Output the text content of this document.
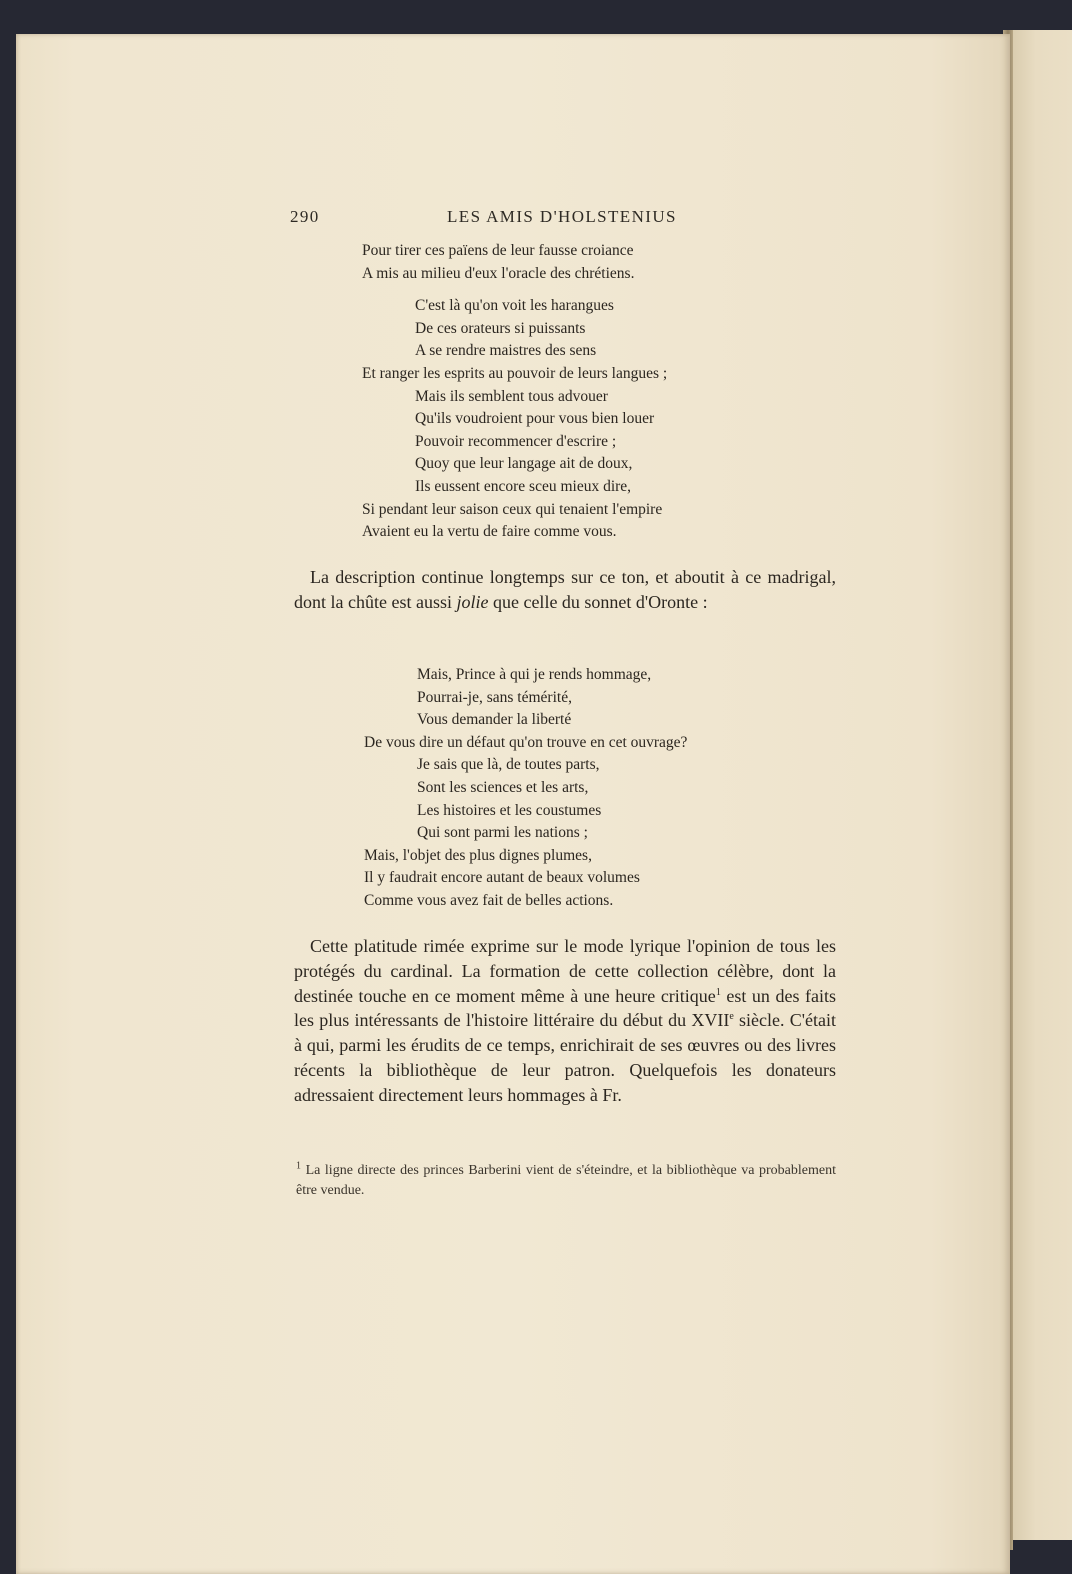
290	LES AMIS D'HOLSTENIUS
Pour tirer ces païens de leur fausse croiance
A mis au milieu d'eux l'oracle des chrétiens.
C'est là qu'on voit les harangues
De ces orateurs si puissants
A se rendre maistres des sens
Et ranger les esprits au pouvoir de leurs langues ;
Mais ils semblent tous advouer
Qu'ils voudroient pour vous bien louer
Pouvoir recommencer d'escrire ;
Quoy que leur langage ait de doux,
Ils eussent encore sceu mieux dire,
Si pendant leur saison ceux qui tenaient l'empire
Avaient eu la vertu de faire comme vous.

La description continue longtemps sur ce ton, et aboutit à ce madrigal, dont la chûte est aussi jolie que celle du sonnet d'Oronte :

Mais, Prince à qui je rends hommage,
Pourrai-je, sans témérité,
Vous demander la liberté
De vous dire un défaut qu'on trouve en cet ouvrage?
Je sais que là, de toutes parts,
Sont les sciences et les arts,
Les histoires et les coustumes
Qui sont parmi les nations ;
Mais, l'objet des plus dignes plumes,
Il y faudrait encore autant de beaux volumes
Comme vous avez fait de belles actions.

Cette platitude rimée exprime sur le mode lyrique l'opinion de tous les protégés du cardinal. La formation de cette collection célèbre, dont la destinée touche en ce moment même à une heure critique$^1$ est un des faits les plus intéressants de l'histoire littéraire du début du XVIIe siècle. C'était à qui, parmi les érudits de ce temps, enrichirait de ses œuvres ou des livres récents la bibliothèque de leur patron. Quelquefois les donateurs adressaient directement leurs hommages à Fr.

$^1$ La ligne directe des princes Barberini vient de s'éteindre, et la bibliothèque va probablement être vendue.
